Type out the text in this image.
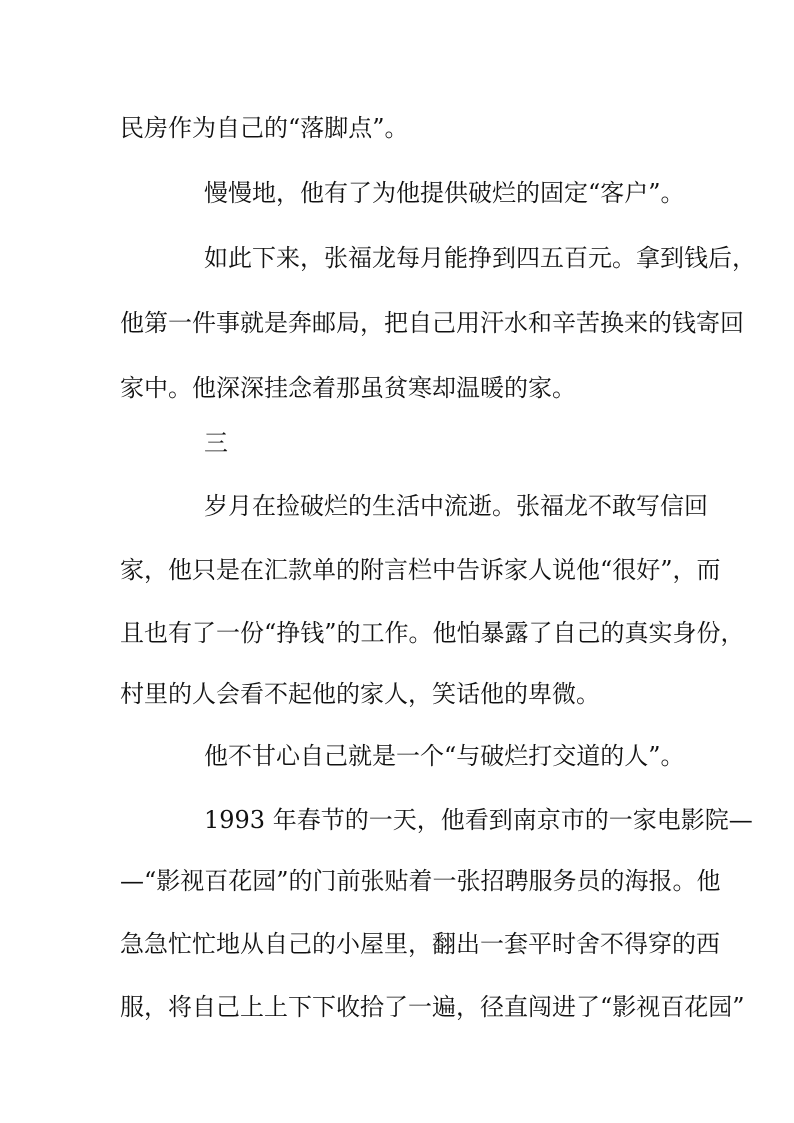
民房作为自己的“落脚点”。
慢慢地，他有了为他提供破烂的固定“客户”。
如此下来，张福龙每月能挣到四五百元。拿到钱后，
他第一件事就是奔邮局，把自己用汗水和辛苦换来的钱寄回
家中。他深深挂念着那虽贫寒却温暖的家。
三
岁月在捡破烂的生活中流逝。张福龙不敢写信回
家，他只是在汇款单的附言栏中告诉家人说他“很好”，而
且也有了一份“挣钱”的工作。他怕暴露了自己的真实身份，
村里的人会看不起他的家人，笑话他的卑微。
他不甘心自己就是一个“与破烂打交道的人”。
1993 年春节的一天，他看到南京市的一家电影院—
—“影视百花园”的门前张贴着一张招聘服务员的海报。他
急急忙忙地从自己的小屋里，翻出一套平时舍不得穿的西
服，将自己上上下下收拾了一遍，径直闯进了“影视百花园”
